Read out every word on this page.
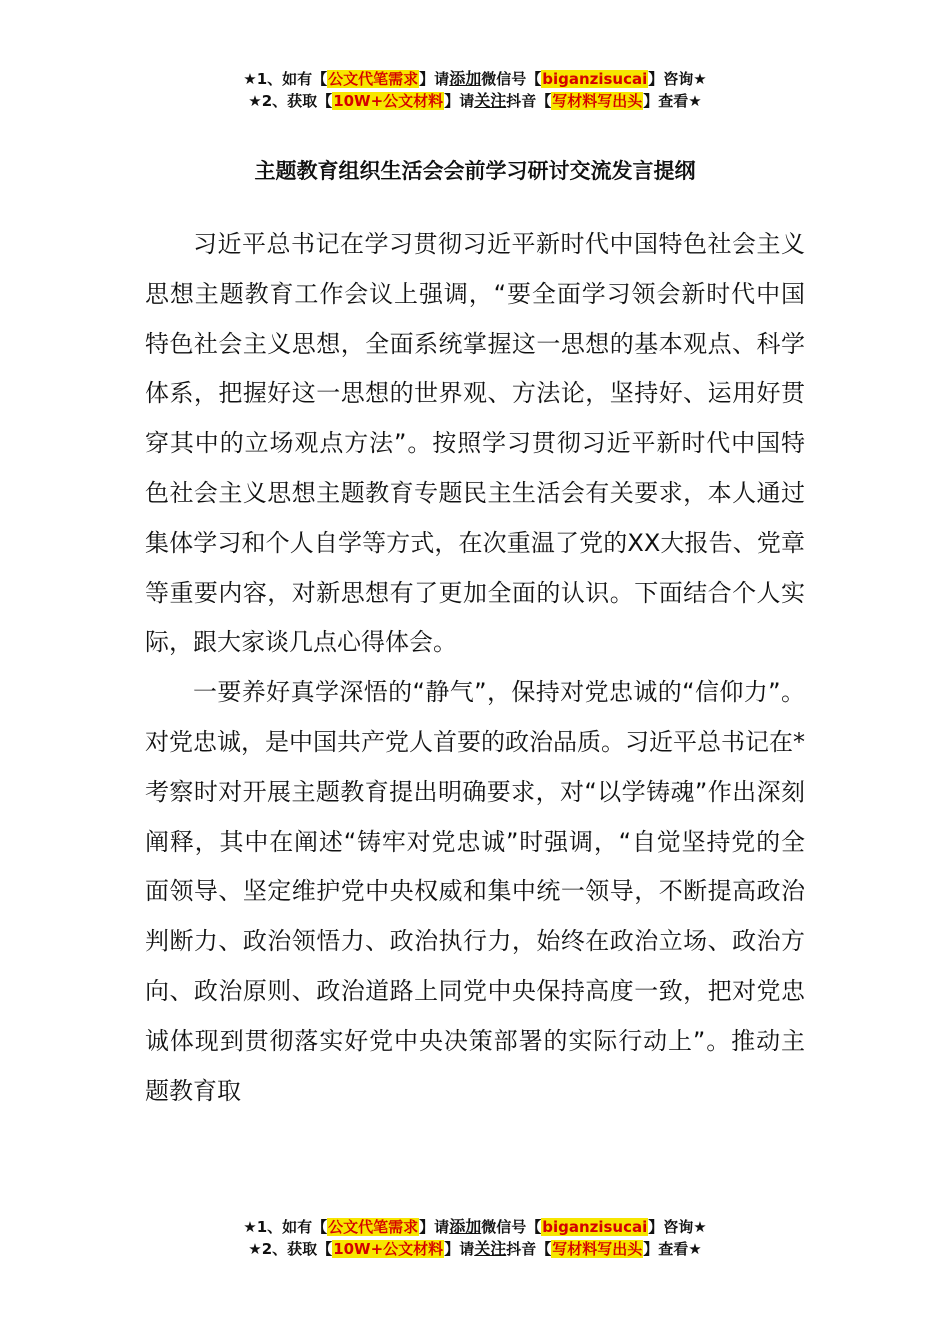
★1、如有【公文代笔需求】请添加微信号【biganzisucai】咨询★
★2、获取【10W+公文材料】请关注抖音【写材料写出头】查看★
主题教育组织生活会会前学习研讨交流发言提纲

习近平总书记在学习贯彻习近平新时代中国特色社会主义思想主题教育工作会议上强调，“要全面学习领会新时代中国特色社会主义思想，全面系统掌握这一思想的基本观点、科学体系，把握好这一思想的世界观、方法论，坚持好、运用好贯穿其中的立场观点方法”。按照学习贯彻习近平新时代中国特色社会主义思想主题教育专题民主生活会有关要求，本人通过集体学习和个人自学等方式，在次重温了党的XX大报告、党章等重要内容，对新思想有了更加全面的认识。下面结合个人实际，跟大家谈几点心得体会。

一要养好真学深悟的“静气”，保持对党忠诚的“信仰力”。对党忠诚，是中国共产党人首要的政治品质。习近平总书记在*考察时对开展主题教育提出明确要求，对“以学铸魂”作出深刻阐释，其中在阐述“铸牢对党忠诚”时强调，“自觉坚持党的全面领导、坚定维护党中央权威和集中统一领导，不断提高政治判断力、政治领悟力、政治执行力，始终在政治立场、政治方向、政治原则、政治道路上同党中央保持高度一致，把对党忠诚体现到贯彻落实好党中央决策部署的实际行动上”。推动主题教育取

★1、如有【公文代笔需求】请添加微信号【biganzisucai】咨询★
★2、获取【10W+公文材料】请关注抖音【写材料写出头】查看★
